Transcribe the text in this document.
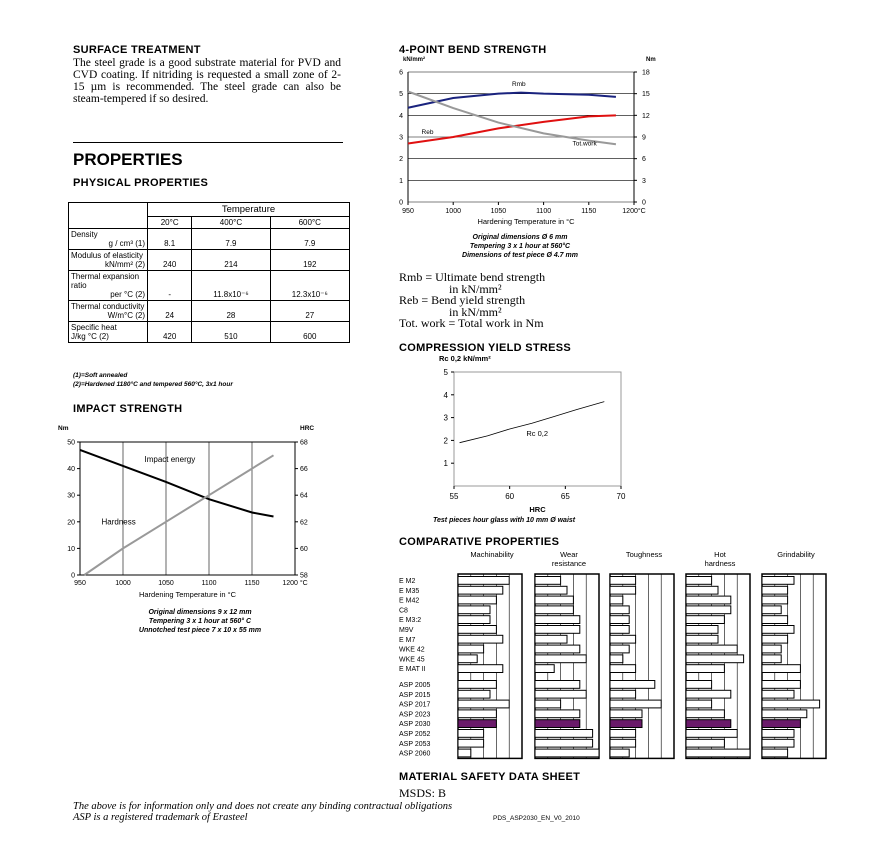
SURFACE TREATMENT
The steel grade is a good substrate material for PVD and CVD coating. If nitriding is requested a small zone of 2-15 µm is recommended. The steel grade can also be steam-tempered if so desired.
PROPERTIES
PHYSICAL PROPERTIES
	Temperature		
	20°C	400°C	600°C

Density
g / cm³ (1)	8.1	7.9	7.9

Modulus of elasticity
kN/mm² (2)	240	214	192

Thermal expansion ratio
per °C (2)	-	11.8x10⁻⁶	12.3x10⁻⁶

Thermal conductivity
W/m°C (2)	24	28	27

Specific heat
J/kg °C (2)	420	510	600
(1)=Soft annealed
(2)=Hardened 1180°C and tempered 560°C, 3x1 hour
IMPACT STRENGTH
950	1000	1050	1100	1150	1200 °C
0
10
20
30
40
50
58
60
62
64
66
68
Nm	HRC
Hardening Temperature in °C
Impact energy
Hardness
Original dimensions 9 x 12 mm
Tempering 3 x 1 hour at 560° C
Unnotched test piece 7 x 10 x 55 mm
4-POINT BEND STRENGTH
0
1
2
3
4
5
6
0
3
6
9
12
15
18
950	1000	1050	1100	1150	1200°C
kN/mm²	Nm
Hardening Temperature in °C
Rmb
Reb
Tot.work
Original dimensions Ø 6 mm
Tempering 3 x 1 hour at 560°C
Dimensions of test piece Ø 4.7 mm
Rmb = Ultimate bend strength
in kN/mm²
Reb = Bend yield strength
in kN/mm²
Tot. work = Total work in Nm
COMPRESSION YIELD STRESS
1
2
3
4
5
55	60	65	70
Rc 0,2 kN/mm²
HRC
Rc 0,2
Test pieces hour glass with 10 mm Ø waist
COMPARATIVE PROPERTIES
Machinability	Wear
resistance
Toughness	Hot
hardness
Grindability
E M2
E M35
E M42
C8
E M3:2
M9V
E M7
WKE 42
WKE 45
E MAT II
ASP 2005
ASP 2015
ASP 2017
ASP 2023
ASP 2030
ASP 2052
ASP 2053
ASP 2060
MATERIAL SAFETY DATA SHEET
MSDS: B
The above is for information only and does not create any binding contractual obligations
ASP is a registered trademark of Erasteel	PDS_ASP2030_EN_V0_2010
